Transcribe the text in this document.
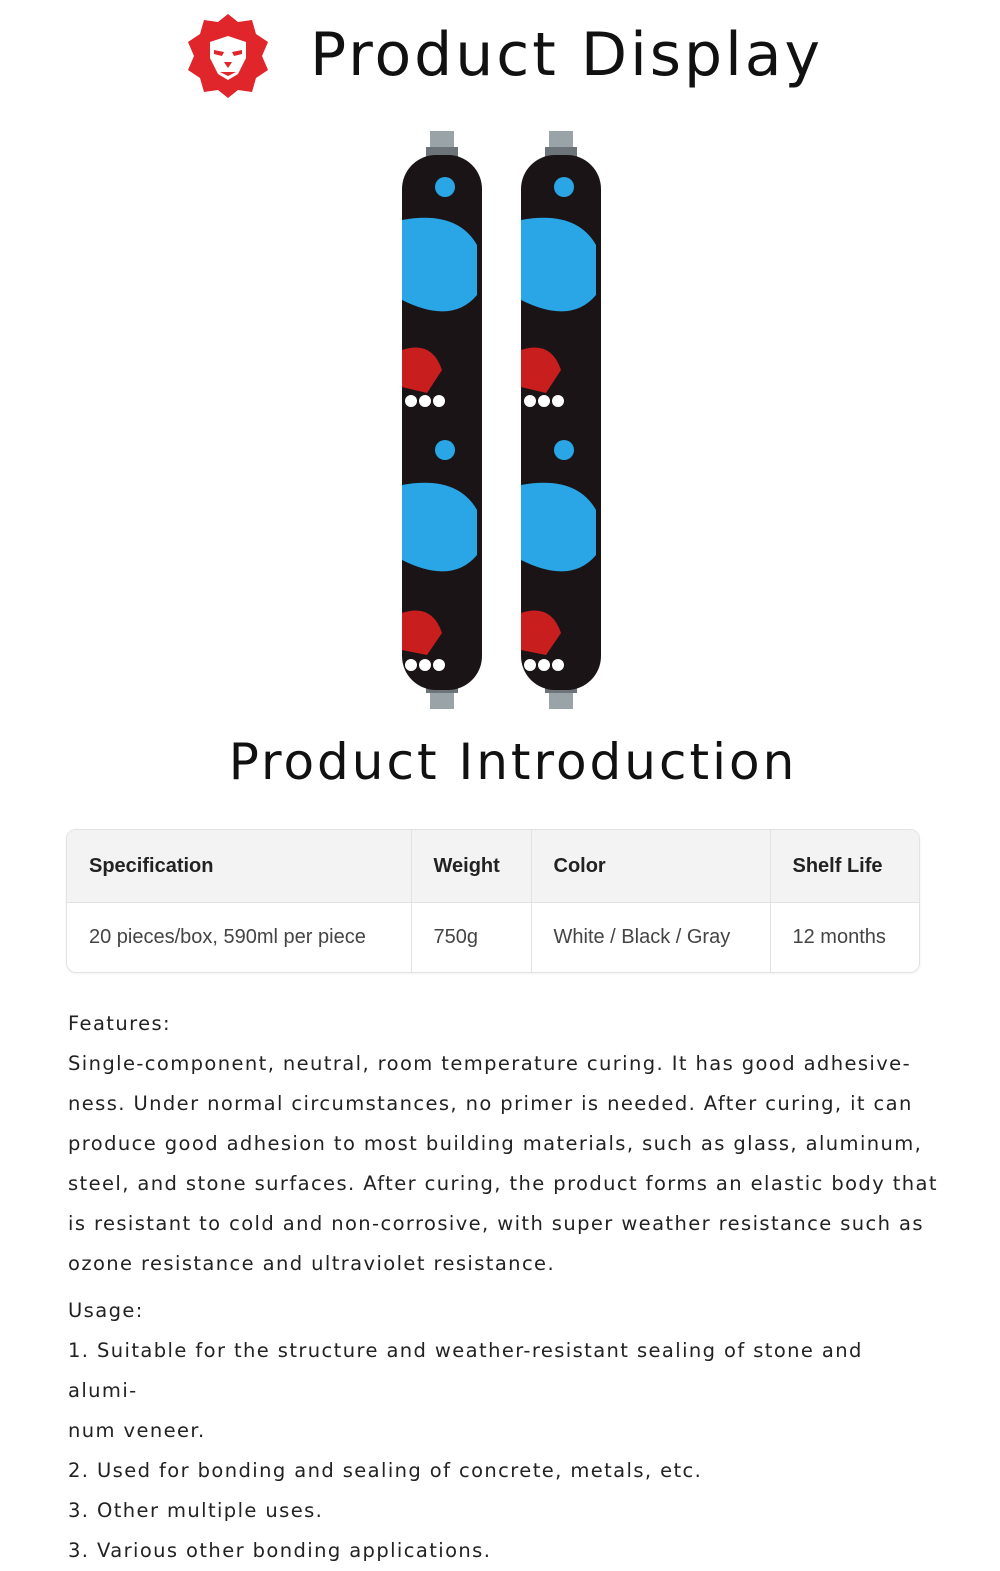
Product Display
Product Introduction
Specification	Weight	Color	Shelf Life
20 pieces/box, 590ml per piece	750g	White / Black / Gray	12 months

Features:

Single-component, neutral, room temperature curing. It has good adhesive-

ness. Under normal circumstances, no primer is needed. After curing, it can

produce good adhesion to most building materials, such as glass, aluminum,

steel, and stone surfaces. After curing, the product forms an elastic body that

is resistant to cold and non-corrosive, with super weather resistance such as

ozone resistance and ultraviolet resistance.

Usage:

1. Suitable for the structure and weather-resistant sealing of stone and alumi-

num veneer.

2. Used for bonding and sealing of concrete, metals, etc.

3. Other multiple uses.

3. Various other bonding applications.
